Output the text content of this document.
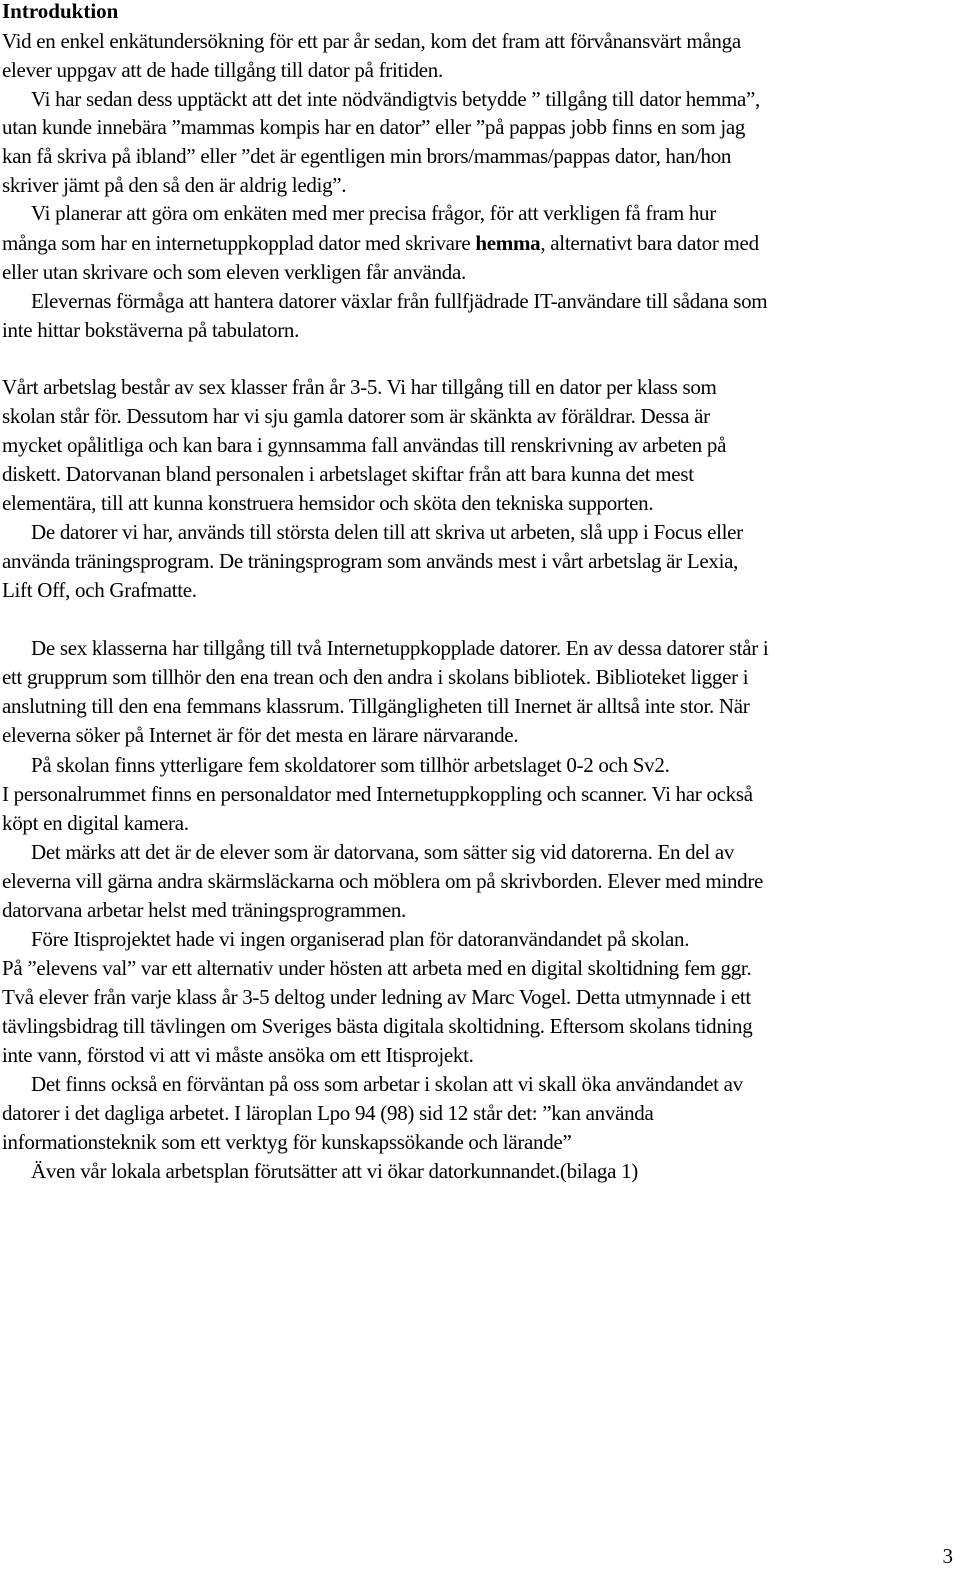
Introduktion

Vid en enkel enkätundersökning för ett par år sedan, kom det fram att förvånansvärt många

elever uppgav att de hade tillgång till dator på fritiden.

Vi har sedan dess upptäckt att det inte nödvändigtvis betydde ” tillgång till dator hemma”,

utan kunde innebära ”mammas kompis har en dator” eller ”på pappas jobb finns en som jag

kan få skriva på ibland” eller ”det är egentligen min brors/mammas/pappas dator, han/hon

skriver jämt på den så den är aldrig ledig”.

Vi planerar att göra om enkäten med mer precisa frågor, för att verkligen få fram hur

många som har en internetuppkopplad dator med skrivare hemma, alternativt bara dator med

eller utan skrivare och som eleven verkligen får använda.

Elevernas förmåga att hantera datorer växlar från fullfjädrade IT-användare till sådana som

inte hittar bokstäverna på tabulatorn.

Vårt arbetslag består av sex klasser från år 3-5. Vi har tillgång till en dator per klass som

skolan står för. Dessutom har vi sju gamla datorer som är skänkta av föräldrar. Dessa är

mycket opålitliga och kan bara i gynnsamma fall användas till renskrivning av arbeten på

diskett. Datorvanan bland personalen i arbetslaget skiftar från att bara kunna det mest

elementära, till att kunna konstruera hemsidor och sköta den tekniska supporten.

De datorer vi har, används till största delen till att skriva ut arbeten, slå upp i Focus eller

använda träningsprogram. De träningsprogram som används mest i vårt arbetslag är Lexia,

Lift Off, och Grafmatte.

De sex klasserna har tillgång till två Internetuppkopplade datorer. En av dessa datorer står i

ett grupprum som tillhör den ena trean och den andra i skolans bibliotek. Biblioteket ligger i

anslutning till den ena femmans klassrum. Tillgängligheten till Inernet är alltså inte stor. När

eleverna söker på Internet är för det mesta en lärare närvarande.

På skolan finns ytterligare fem skoldatorer som tillhör arbetslaget 0-2 och Sv2.

I personalrummet finns en personaldator med Internetuppkoppling och scanner. Vi har också

köpt en digital kamera.

Det märks att det är de elever som är datorvana, som sätter sig vid datorerna. En del av

eleverna vill gärna andra skärmsläckarna och möblera om på skrivborden. Elever med mindre

datorvana arbetar helst med träningsprogrammen.

Före Itisprojektet hade vi ingen organiserad plan för datoranvändandet på skolan.

På ”elevens val” var ett alternativ under hösten att arbeta med en digital skoltidning fem ggr.

Två elever från varje klass år 3-5 deltog under ledning av Marc Vogel. Detta utmynnade i ett

tävlingsbidrag till tävlingen om Sveriges bästa digitala skoltidning. Eftersom skolans tidning

inte vann, förstod vi att vi måste ansöka om ett Itisprojekt.

Det finns också en förväntan på oss som arbetar i skolan att vi skall öka användandet av

datorer i det dagliga arbetet. I läroplan Lpo 94 (98) sid 12 står det: ”kan använda

informationsteknik som ett verktyg för kunskapssökande och lärande”

Även vår lokala arbetsplan förutsätter att vi ökar datorkunnandet.(bilaga 1)

3
